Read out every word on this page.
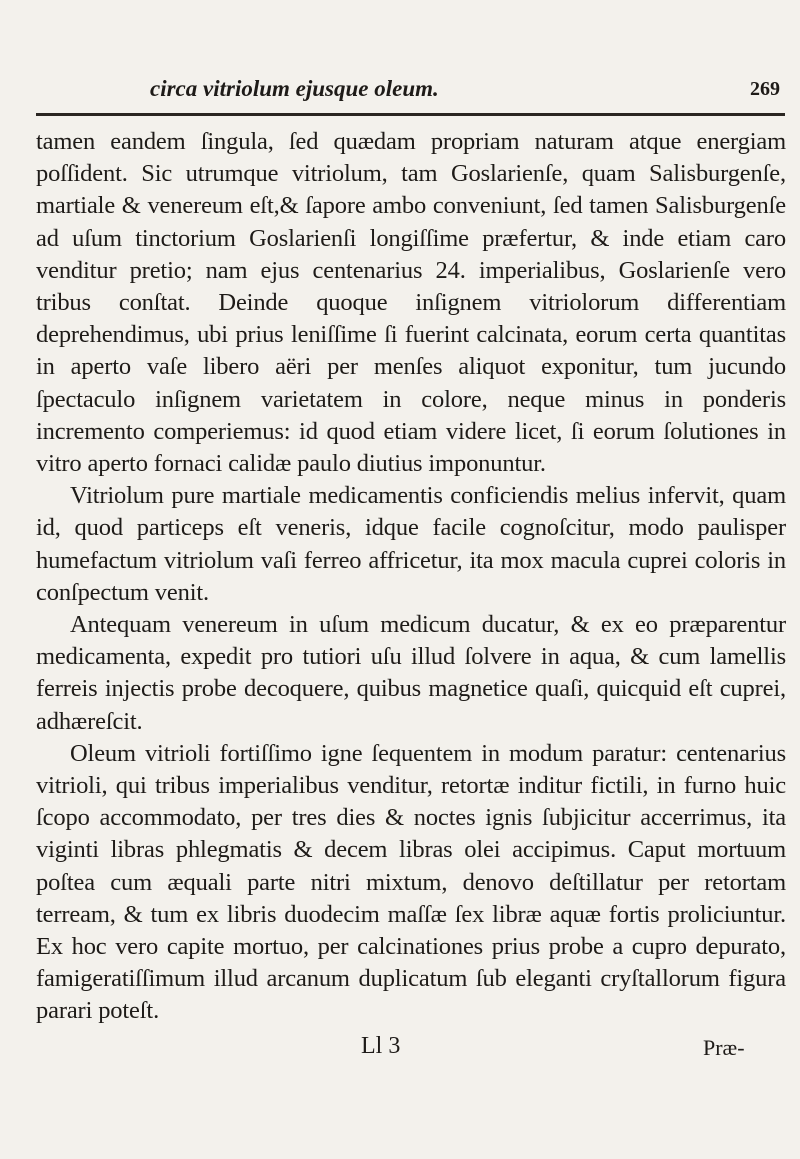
circa vitriolum ejusque oleum.	269

tamen eandem ſingula, ſed quædam propriam naturam atque energiam poſſident. Sic utrumque vitriolum, tam Goslarienſe, quam Salisburgenſe, martiale & venereum eſt,& ſapore ambo conveniunt, ſed tamen Salisburgenſe ad uſum tinctorium Goslarienſi longiſſime præfertur, & inde etiam caro venditur pretio; nam ejus centenarius 24. imperialibus, Goslarienſe vero tribus conſtat. Deinde quoque inſignem vitriolorum differentiam deprehendimus, ubi prius leniſſime ſi fuerint calcinata, eorum certa quantitas in aperto vaſe libero aëri per menſes aliquot exponitur, tum jucundo ſpectaculo inſignem varietatem in colore, neque minus in ponderis incremento comperiemus: id quod etiam videre licet, ſi eorum ſolutiones in vitro aperto fornaci calidæ paulo diutius imponuntur.

Vitriolum pure martiale medicamentis conficiendis melius infervit, quam id, quod particeps eſt veneris, idque facile cognoſcitur, modo paulisper humefactum vitriolum vaſi ferreo affricetur, ita mox macula cuprei coloris in conſpectum venit.

Antequam venereum in uſum medicum ducatur, & ex eo præparentur medicamenta, expedit pro tutiori uſu illud ſolvere in aqua, & cum lamellis ferreis injectis probe decoquere, quibus magnetice quaſi, quicquid eſt cuprei, adhæreſcit.

Oleum vitrioli fortiſſimo igne ſequentem in modum paratur: centenarius vitrioli, qui tribus imperialibus venditur, retortæ inditur fictili, in furno huic ſcopo accommodato, per tres dies & noctes ignis ſubjicitur accerrimus, ita viginti libras phlegmatis & decem libras olei accipimus. Caput mortuum poſtea cum æquali parte nitri mixtum, denovo deſtillatur per retortam terream, & tum ex libris duodecim maſſæ ſex libræ aquæ fortis proliciuntur. Ex hoc vero capite mortuo, per calcinationes prius probe a cupro depurato, famigeratiſſimum illud arcanum duplicatum ſub eleganti cryſtallorum figura parari poteſt.

Ll 3	Præ-
